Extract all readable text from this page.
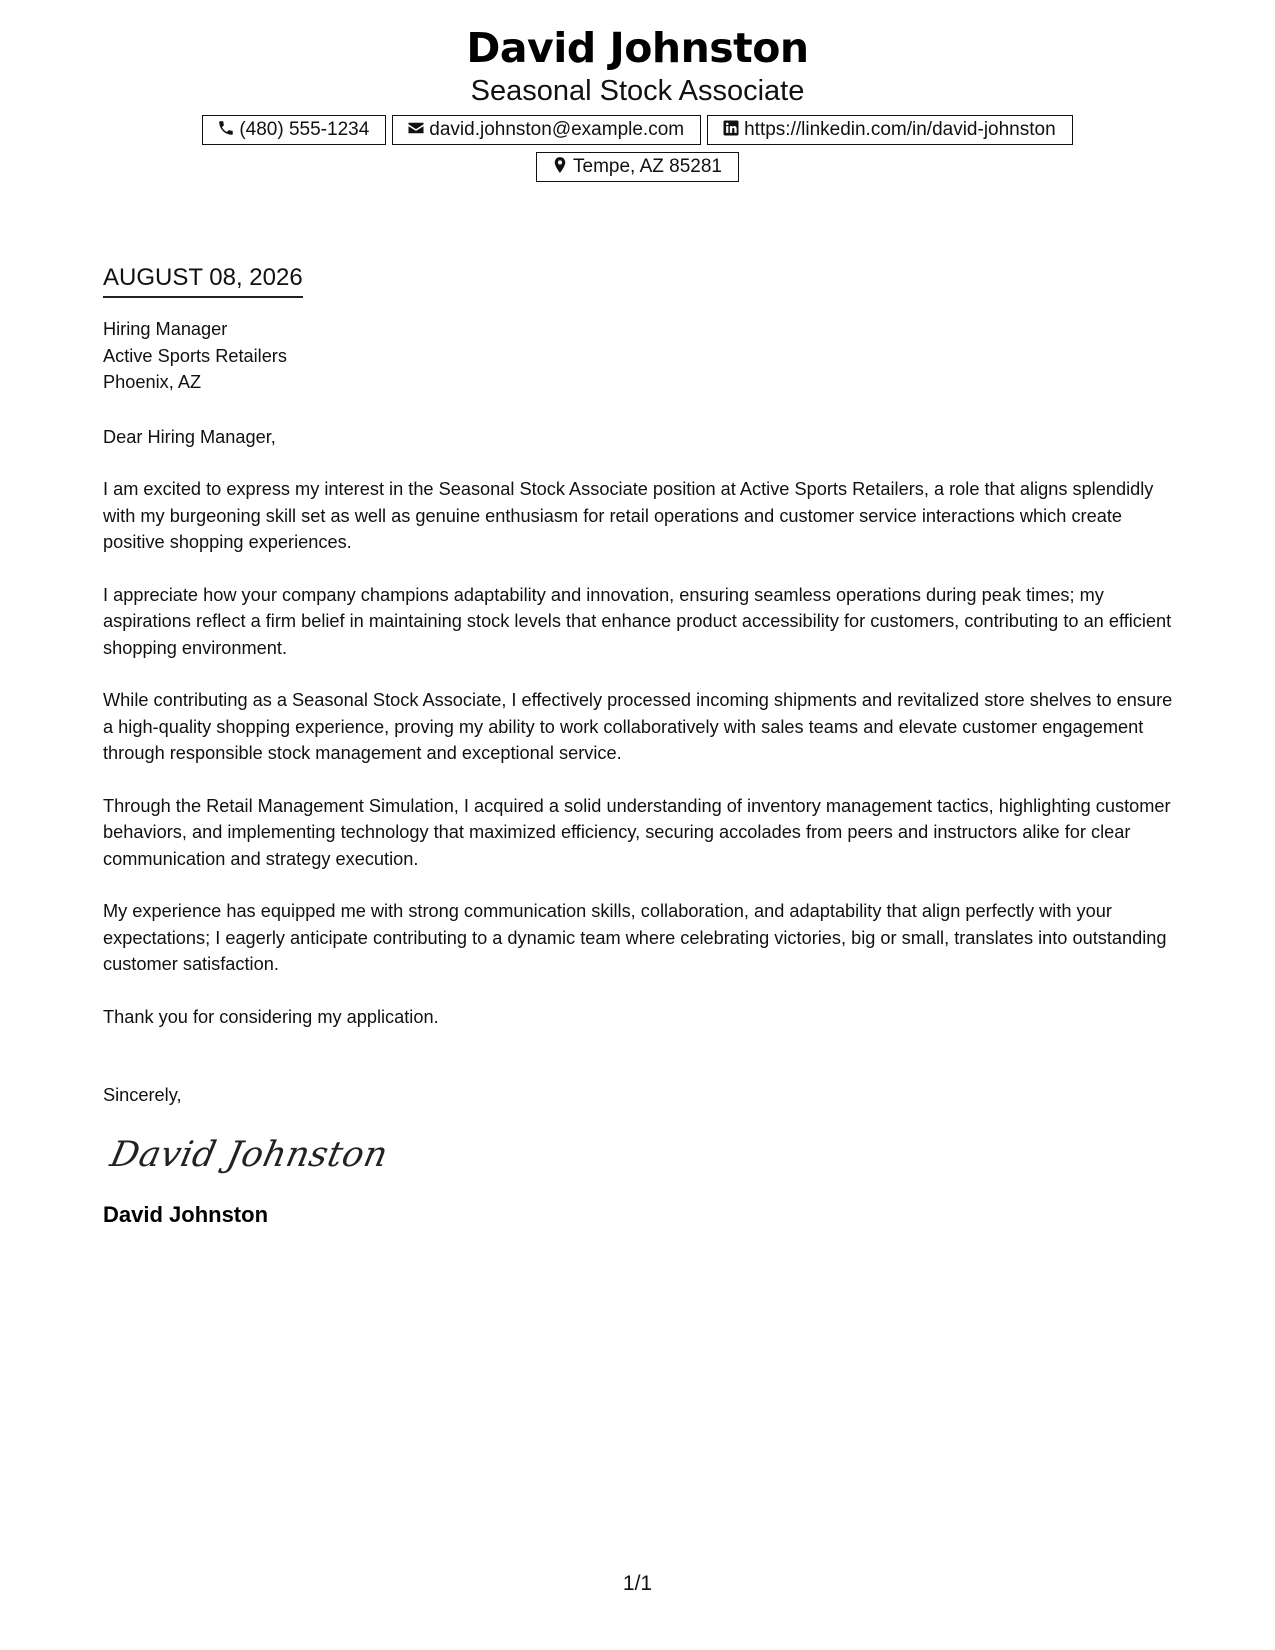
David Johnston
Seasonal Stock Associate
(480) 555-1234	david.johnston@example.com	https://linkedin.com/in/david-johnston
Tempe, AZ 85281
AUGUST 08, 2026
Hiring Manager
Active Sports Retailers
Phoenix, AZ
Dear Hiring Manager,
I am excited to express my interest in the Seasonal Stock Associate position at Active Sports Retailers, a role that aligns splendidly with my burgeoning skill set as well as genuine enthusiasm for retail operations and customer service interactions which create positive shopping experiences.
I appreciate how your company champions adaptability and innovation, ensuring seamless operations during peak times; my aspirations reflect a firm belief in maintaining stock levels that enhance product accessibility for customers, contributing to an efficient shopping environment.
While contributing as a Seasonal Stock Associate, I effectively processed incoming shipments and revitalized store shelves to ensure a high-quality shopping experience, proving my ability to work collaboratively with sales teams and elevate customer engagement through responsible stock management and exceptional service.
Through the Retail Management Simulation, I acquired a solid understanding of inventory management tactics, highlighting customer behaviors, and implementing technology that maximized efficiency, securing accolades from peers and instructors alike for clear communication and strategy execution.
My experience has equipped me with strong communication skills, collaboration, and adaptability that align perfectly with your expectations; I eagerly anticipate contributing to a dynamic team where celebrating victories, big or small, translates into outstanding customer satisfaction.
Thank you for considering my application.
Sincerely,
David Johnston
David Johnston
1/1
